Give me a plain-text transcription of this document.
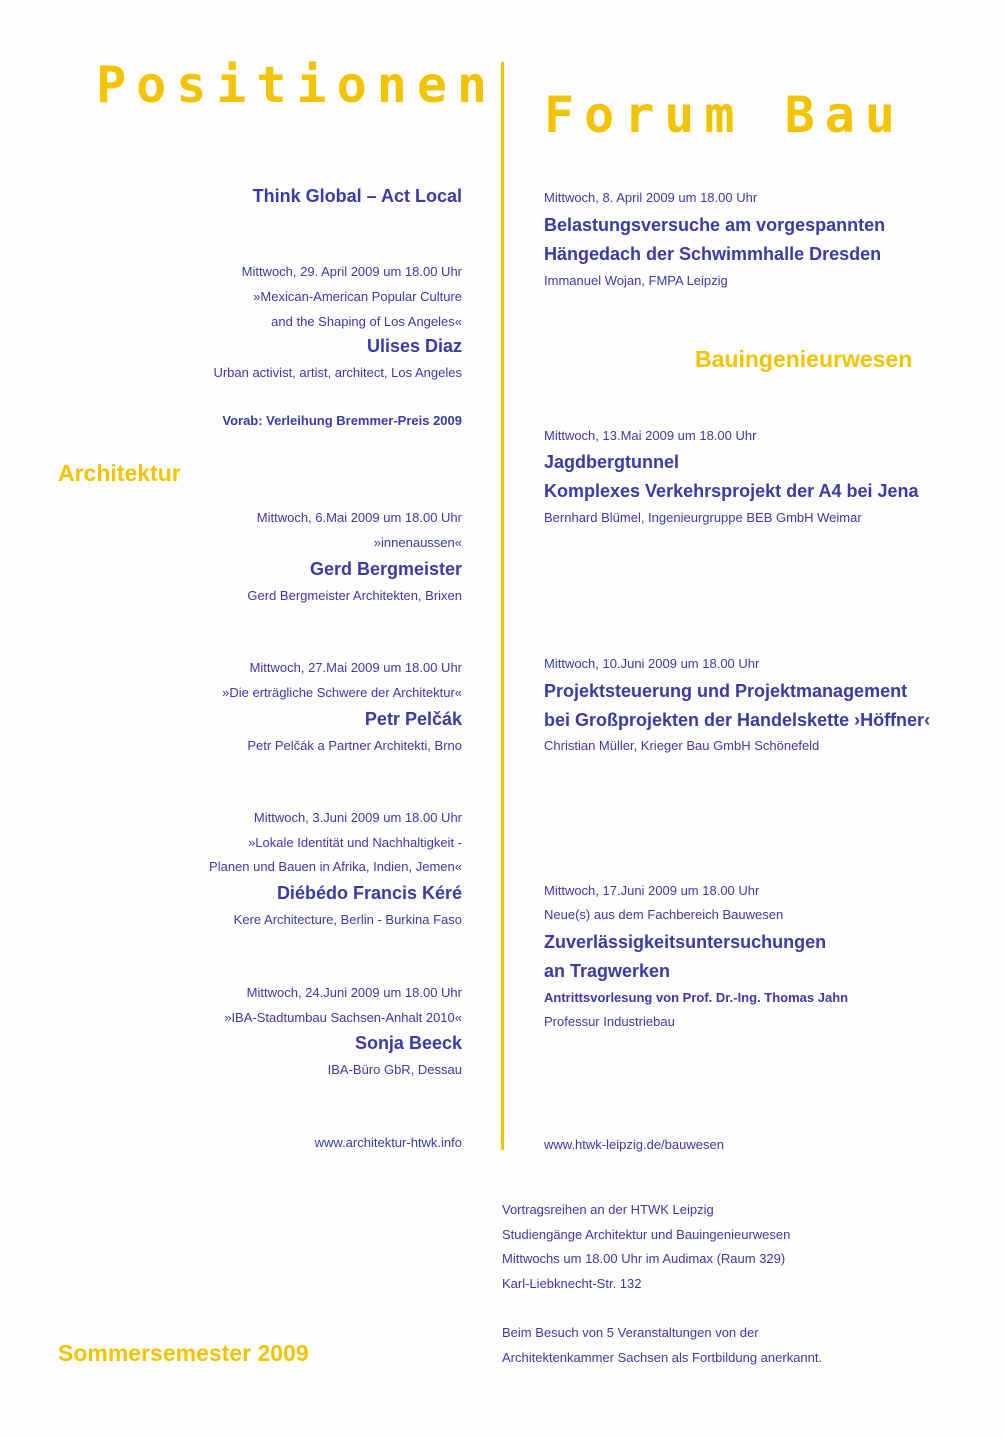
Positionen
Forum Bau
Think Global – Act Local
Mittwoch, 29. April 2009 um 18.00 Uhr
»Mexican-American Popular Culture
and the Shaping of Los Angeles«
Ulises Diaz
Urban activist, artist, architect, Los Angeles
Vorab: Verleihung Bremmer-Preis 2009
Architektur
Mittwoch, 6.Mai 2009 um 18.00 Uhr
»innenaussen«
Gerd Bergmeister
Gerd Bergmeister Architekten, Brixen
Mittwoch, 27.Mai 2009 um 18.00 Uhr
»Die erträgliche Schwere der Architektur«
Petr Pelčák
Petr Pelčák a Partner Architekti, Brno
Mittwoch, 3.Juni 2009 um 18.00 Uhr
»Lokale Identität und Nachhaltigkeit -
Planen und Bauen in Afrika, Indien, Jemen«
Diébédo Francis Kéré
Kere Architecture, Berlin - Burkina Faso
Mittwoch, 24.Juni 2009 um 18.00 Uhr
»IBA-Stadtumbau Sachsen-Anhalt 2010«
Sonja Beeck
IBA-Büro GbR, Dessau
www.architektur-htwk.info
Sommersemester 2009
Mittwoch, 8. April 2009 um 18.00 Uhr
Belastungsversuche am vorgespannten
Hängedach der Schwimmhalle Dresden
Immanuel Wojan, FMPA Leipzig
Bauingenieurwesen
Mittwoch, 13.Mai 2009 um 18.00 Uhr
Jagdbergtunnel
Komplexes Verkehrsprojekt der A4 bei Jena
Bernhard Blümel, Ingenieurgruppe BEB GmbH Weimar
Mittwoch, 10.Juni 2009 um 18.00 Uhr
Projektsteuerung und Projektmanagement
bei Großprojekten der Handelskette ›Höffner‹
Christian Müller, Krieger Bau GmbH Schönefeld
Mittwoch, 17.Juni 2009 um 18.00 Uhr
Neue(s) aus dem Fachbereich Bauwesen
Zuverlässigkeitsuntersuchungen
an Tragwerken
Antrittsvorlesung von Prof. Dr.-Ing. Thomas Jahn
Professur Industriebau
www.htwk-leipzig.de/bauwesen
Vortragsreihen an der HTWK Leipzig
Studiengänge Architektur und Bauingenieurwesen
Mittwochs um 18.00 Uhr im Audimax (Raum 329)
Karl-Liebknecht-Str. 132
Beim Besuch von 5 Veranstaltungen von der
Architektenkammer Sachsen als Fortbildung anerkannt.
